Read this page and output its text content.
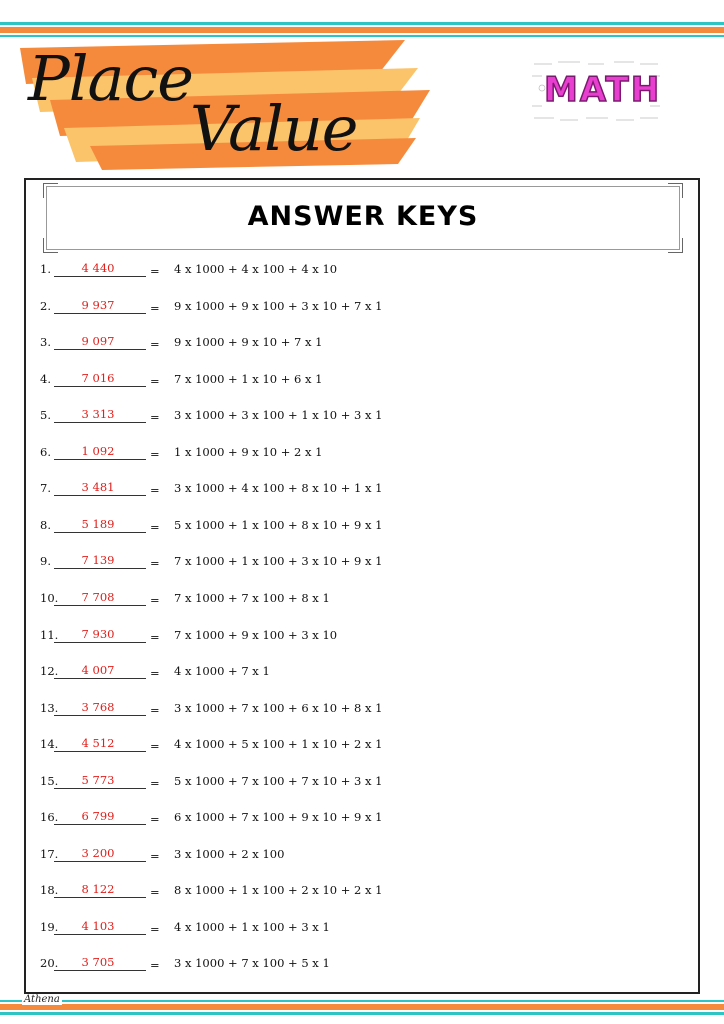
Place
Value
MATH
ANSWER KEYS
1.	4 440	= 4 x 1000 + 4 x 100 + 4 x 10
2.	9 937	= 9 x 1000 + 9 x 100 + 3 x 10 + 7 x 1
3.	9 097	= 9 x 1000 + 9 x 10 + 7 x 1
4.	7 016	= 7 x 1000 + 1 x 10 + 6 x 1
5.	3 313	= 3 x 1000 + 3 x 100 + 1 x 10 + 3 x 1
6.	1 092	= 1 x 1000 + 9 x 10 + 2 x 1
7.	3 481	= 3 x 1000 + 4 x 100 + 8 x 10 + 1 x 1
8.	5 189	= 5 x 1000 + 1 x 100 + 8 x 10 + 9 x 1
9.	7 139	= 7 x 1000 + 1 x 100 + 3 x 10 + 9 x 1
10.	7 708	= 7 x 1000 + 7 x 100 + 8 x 1
11.	7 930	= 7 x 1000 + 9 x 100 + 3 x 10
12.	4 007	= 4 x 1000 + 7 x 1
13.	3 768	= 3 x 1000 + 7 x 100 + 6 x 10 + 8 x 1
14.	4 512	= 4 x 1000 + 5 x 100 + 1 x 10 + 2 x 1
15.	5 773	= 5 x 1000 + 7 x 100 + 7 x 10 + 3 x 1
16.	6 799	= 6 x 1000 + 7 x 100 + 9 x 10 + 9 x 1
17.	3 200	= 3 x 1000 + 2 x 100
18.	8 122	= 8 x 1000 + 1 x 100 + 2 x 10 + 2 x 1
19.	4 103	= 4 x 1000 + 1 x 100 + 3 x 1
20.	3 705	= 3 x 1000 + 7 x 100 + 5 x 1
Athena
